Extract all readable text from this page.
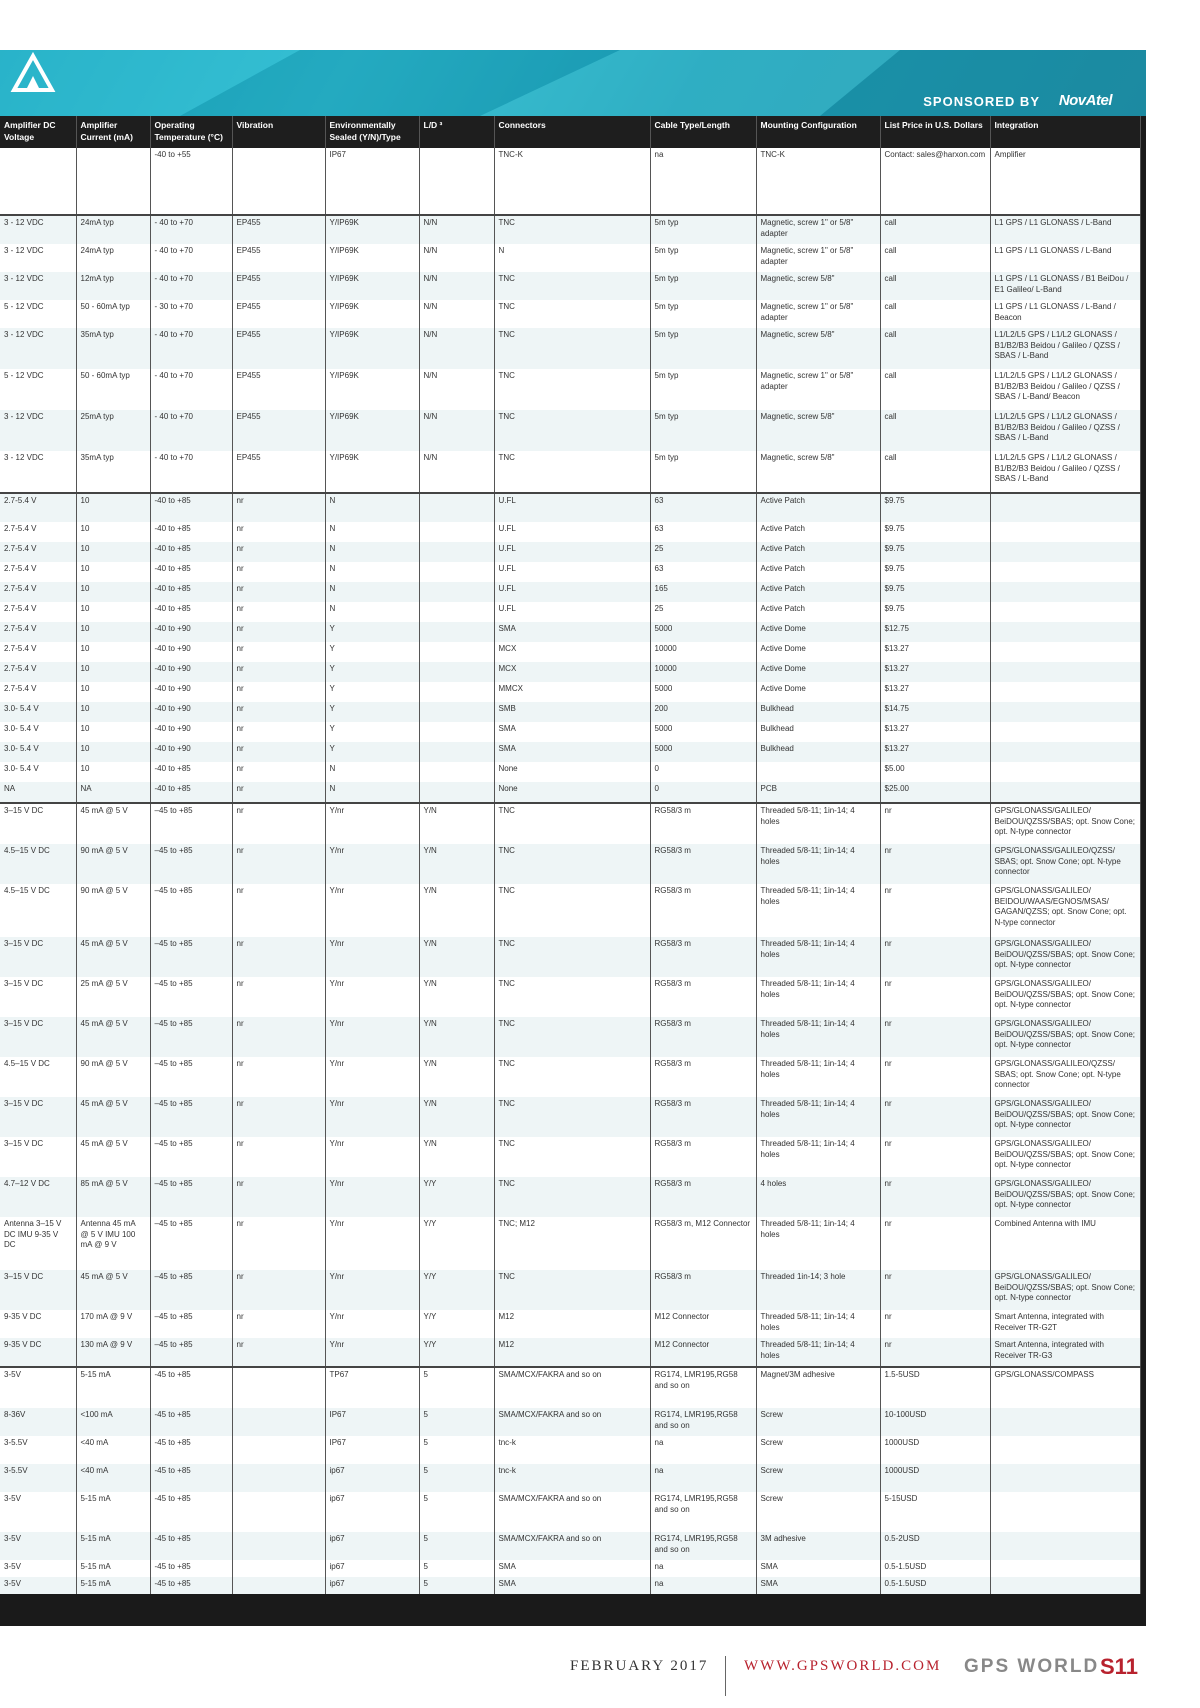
SPONSORED BY NovAtel
Amplifier DC Voltage	Amplifier Current (mA)	Operating Temperature (°C)	Vibration	Environmentally Sealed (Y/N)/Type	L/D ³	Connectors	Cable Type/Length	Mounting Configuration	List Price in U.S. Dollars	Integration
		-40 to +55		IP67		TNC-K	na	TNC-K	Contact: sales@harxon.com	Amplifier
3 - 12 VDC	24mA typ	- 40 to +70	EP455	Y/IP69K	N/N	TNC	5m typ	Magnetic, screw 1" or 5/8" adapter	call	L1 GPS / L1 GLONASS / L-Band
3 - 12 VDC	24mA typ	- 40 to +70	EP455	Y/IP69K	N/N	N	5m typ	Magnetic, screw 1" or 5/8" adapter	call	L1 GPS / L1 GLONASS / L-Band
3 - 12 VDC	12mA typ	- 40 to +70	EP455	Y/IP69K	N/N	TNC	5m typ	Magnetic, screw 5/8"	call	L1 GPS / L1 GLONASS / B1 BeiDou / E1 Galileo/ L-Band
5 - 12 VDC	50 - 60mA typ	- 30 to +70	EP455	Y/IP69K	N/N	TNC	5m typ	Magnetic, screw 1" or 5/8" adapter	call	L1 GPS / L1 GLONASS / L-Band / Beacon
3 - 12 VDC	35mA typ	- 40 to +70	EP455	Y/IP69K	N/N	TNC	5m typ	Magnetic, screw 5/8"	call	L1/L2/L5 GPS / L1/L2 GLONASS / B1/B2/B3 Beidou / Galileo / QZSS / SBAS / L-Band
5 - 12 VDC	50 - 60mA typ	- 40 to +70	EP455	Y/IP69K	N/N	TNC	5m typ	Magnetic, screw 1" or 5/8" adapter	call	L1/L2/L5 GPS / L1/L2 GLONASS / B1/B2/B3 Beidou / Galileo / QZSS / SBAS / L-Band/ Beacon
3 - 12 VDC	25mA typ	- 40 to +70	EP455	Y/IP69K	N/N	TNC	5m typ	Magnetic, screw 5/8"	call	L1/L2/L5 GPS / L1/L2 GLONASS / B1/B2/B3 Beidou / Galileo / QZSS / SBAS / L-Band
3 - 12 VDC	35mA typ	- 40 to +70	EP455	Y/IP69K	N/N	TNC	5m typ	Magnetic, screw 5/8"	call	L1/L2/L5 GPS / L1/L2 GLONASS / B1/B2/B3 Beidou / Galileo / QZSS / SBAS / L-Band
2.7-5.4 V	10	-40 to +85	nr	N		U.FL	63	Active Patch	$9.75	
2.7-5.4 V	10	-40 to +85	nr	N		U.FL	63	Active Patch	$9.75	
2.7-5.4 V	10	-40 to +85	nr	N		U.FL	25	Active Patch	$9.75	
2.7-5.4 V	10	-40 to +85	nr	N		U.FL	63	Active Patch	$9.75	
2.7-5.4 V	10	-40 to +85	nr	N		U.FL	165	Active Patch	$9.75	
2.7-5.4 V	10	-40 to +85	nr	N		U.FL	25	Active Patch	$9.75	
2.7-5.4 V	10	-40 to +90	nr	Y		SMA	5000	Active Dome	$12.75	
2.7-5.4 V	10	-40 to +90	nr	Y		MCX	10000	Active Dome	$13.27	
2.7-5.4 V	10	-40 to +90	nr	Y		MCX	10000	Active Dome	$13.27	
2.7-5.4 V	10	-40 to +90	nr	Y		MMCX	5000	Active Dome	$13.27	
3.0- 5.4 V	10	-40 to +90	nr	Y		SMB	200	Bulkhead	$14.75	
3.0- 5.4 V	10	-40 to +90	nr	Y		SMA	5000	Bulkhead	$13.27	
3.0- 5.4 V	10	-40 to +90	nr	Y		SMA	5000	Bulkhead	$13.27	
3.0- 5.4 V	10	-40 to +85	nr	N		None	0		$5.00	
NA	NA	-40 to +85	nr	N		None	0	PCB	$25.00	
3–15 V DC	45 mA @ 5 V	–45 to +85	nr	Y/nr	Y/N	TNC	RG58/3 m	Threaded 5/8-11; 1in-14; 4 holes	nr	GPS/GLONASS/GALILEO/ BeiDOU/QZSS/SBAS; opt. Snow Cone; opt. N-type connector
4.5–15 V DC	90 mA @ 5 V	–45 to +85	nr	Y/nr	Y/N	TNC	RG58/3 m	Threaded 5/8-11; 1in-14; 4 holes	nr	GPS/GLONASS/GALILEO/QZSS/ SBAS; opt. Snow Cone; opt. N-type connector
4.5–15 V DC	90 mA @ 5 V	–45 to +85	nr	Y/nr	Y/N	TNC	RG58/3 m	Threaded 5/8-11; 1in-14; 4 holes	nr	GPS/GLONASS/GALILEO/ BEIDOU/WAAS/EGNOS/MSAS/ GAGAN/QZSS; opt. Snow Cone; opt. N-type connector
3–15 V DC	45 mA @ 5 V	–45 to +85	nr	Y/nr	Y/N	TNC	RG58/3 m	Threaded 5/8-11; 1in-14; 4 holes	nr	GPS/GLONASS/GALILEO/ BeiDOU/QZSS/SBAS; opt. Snow Cone; opt. N-type connector
3–15 V DC	25 mA @ 5 V	–45 to +85	nr	Y/nr	Y/N	TNC	RG58/3 m	Threaded 5/8-11; 1in-14; 4 holes	nr	GPS/GLONASS/GALILEO/ BeiDOU/QZSS/SBAS; opt. Snow Cone; opt. N-type connector
3–15 V DC	45 mA @ 5 V	–45 to +85	nr	Y/nr	Y/N	TNC	RG58/3 m	Threaded 5/8-11; 1in-14; 4 holes	nr	GPS/GLONASS/GALILEO/ BeiDOU/QZSS/SBAS; opt. Snow Cone; opt. N-type connector
4.5–15 V DC	90 mA @ 5 V	–45 to +85	nr	Y/nr	Y/N	TNC	RG58/3 m	Threaded 5/8-11; 1in-14; 4 holes	nr	GPS/GLONASS/GALILEO/QZSS/ SBAS; opt. Snow Cone; opt. N-type connector
3–15 V DC	45 mA @ 5 V	–45 to +85	nr	Y/nr	Y/N	TNC	RG58/3 m	Threaded 5/8-11; 1in-14; 4 holes	nr	GPS/GLONASS/GALILEO/ BeiDOU/QZSS/SBAS; opt. Snow Cone; opt. N-type connector
3–15 V DC	45 mA @ 5 V	–45 to +85	nr	Y/nr	Y/N	TNC	RG58/3 m	Threaded 5/8-11; 1in-14; 4 holes	nr	GPS/GLONASS/GALILEO/ BeiDOU/QZSS/SBAS; opt. Snow Cone; opt. N-type connector
4.7–12 V DC	85 mA @ 5 V	–45 to +85	nr	Y/nr	Y/Y	TNC	RG58/3 m	4 holes	nr	GPS/GLONASS/GALILEO/ BeiDOU/QZSS/SBAS; opt. Snow Cone; opt. N-type connector
Antenna 3–15 V DC IMU 9-35 V DC	Antenna 45 mA @ 5 V IMU 100 mA @ 9 V	–45 to +85	nr	Y/nr	Y/Y	TNC; M12	RG58/3 m, M12 Connector	Threaded 5/8-11; 1in-14; 4 holes	nr	Combined Antenna with IMU
3–15 V DC	45 mA @ 5 V	–45 to +85	nr	Y/nr	Y/Y	TNC	RG58/3 m	Threaded 1in-14; 3 hole	nr	GPS/GLONASS/GALILEO/ BeiDOU/QZSS/SBAS; opt. Snow Cone; opt. N-type connector
9-35 V DC	170 mA @ 9 V	–45 to +85	nr	Y/nr	Y/Y	M12	M12 Connector	Threaded 5/8-11; 1in-14; 4 holes	nr	Smart Antenna, integrated with Receiver TR-G2T
9-35 V DC	130 mA @ 9 V	–45 to +85	nr	Y/nr	Y/Y	M12	M12 Connector	Threaded 5/8-11; 1in-14; 4 holes	nr	Smart Antenna, integrated with Receiver TR-G3
3-5V	5-15 mA	-45 to +85		TP67	5	SMA/MCX/FAKRA and so on	RG174, LMR195,RG58 and so on	Magnet/3M adhesive	1.5-5USD	GPS/GLONASS/COMPASS
8-36V	<100 mA	-45 to +85		IP67	5	SMA/MCX/FAKRA and so on	RG174, LMR195,RG58 and so on	Screw	10-100USD	
3-5.5V	<40 mA	-45 to +85		IP67	5	tnc-k	na	Screw	1000USD	
3-5.5V	<40 mA	-45 to +85		ip67	5	tnc-k	na	Screw	1000USD	
3-5V	5-15 mA	-45 to +85		ip67	5	SMA/MCX/FAKRA and so on	RG174, LMR195,RG58 and so on	Screw	5-15USD	
3-5V	5-15 mA	-45 to +85		ip67	5	SMA/MCX/FAKRA and so on	RG174, LMR195,RG58 and so on	3M adhesive	0.5-2USD	
3-5V	5-15 mA	-45 to +85		ip67	5	SMA	na	SMA	0.5-1.5USD	
3-5V	5-15 mA	-45 to +85		ip67	5	SMA	na	SMA	0.5-1.5USD	
FEBRUARY 2017 WWW.GPSWORLD.COM GPS WORLD S11
